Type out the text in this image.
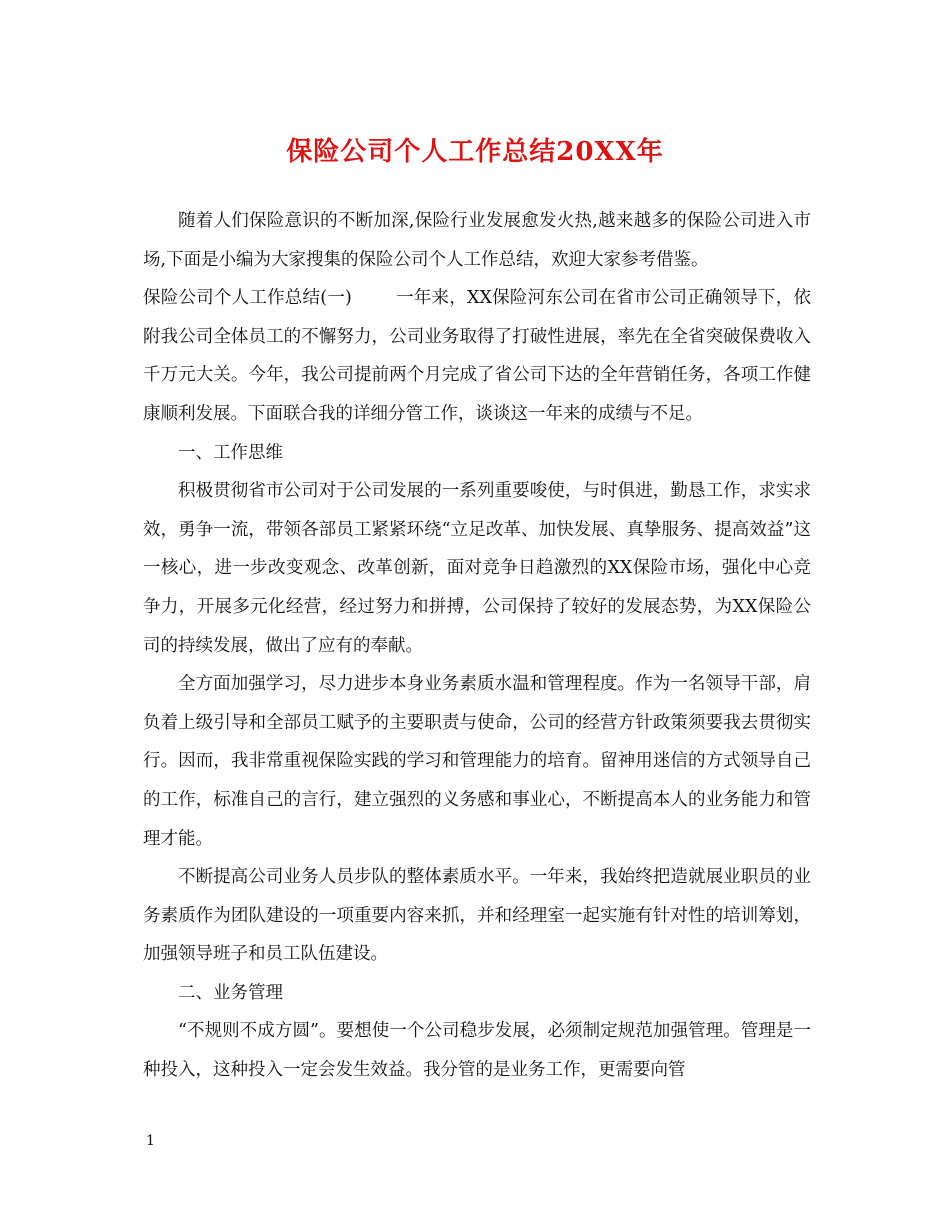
保险公司个人工作总结20XX年

随着人们保险意识的不断加深,保险行业发展愈发火热,越来越多的保险公司进入市场,下面是小编为大家搜集的保险公司个人工作总结，欢迎大家参考借鉴。

保险公司个人工作总结(一)	一年来，XX保险河东公司在省市公司正确领导下，依附我公司全体员工的不懈努力，公司业务取得了打破性进展，率先在全省突破保费收入千万元大关。今年，我公司提前两个月完成了省公司下达的全年营销任务，各项工作健康顺利发展。下面联合我的详细分管工作，谈谈这一年来的成绩与不足。

一、工作思维

积极贯彻省市公司对于公司发展的一系列重要唆使，与时俱进，勤恳工作，求实求效，勇争一流，带领各部员工紧紧环绕“立足改革、加快发展、真挚服务、提高效益”这一核心，进一步改变观念、改革创新，面对竞争日趋激烈的XX保险市场，强化中心竞争力，开展多元化经营，经过努力和拼搏，公司保持了较好的发展态势，为XX保险公司的持续发展，做出了应有的奉献。

全方面加强学习，尽力进步本身业务素质水温和管理程度。作为一名领导干部，肩负着上级引导和全部员工赋予的主要职责与使命，公司的经营方针政策须要我去贯彻实行。因而，我非常重视保险实践的学习和管理能力的培育。留神用迷信的方式领导自己的工作，标准自己的言行，建立强烈的义务感和事业心，不断提高本人的业务能力和管理才能。

不断提高公司业务人员步队的整体素质水平。一年来，我始终把造就展业职员的业务素质作为团队建设的一项重要内容来抓，并和经理室一起实施有针对性的培训筹划，加强领导班子和员工队伍建设。

二、业务管理

“不规则不成方圆”。要想使一个公司稳步发展，必须制定规范加强管理。管理是一种投入，这种投入一定会发生效益。我分管的是业务工作，更需要向管

1
